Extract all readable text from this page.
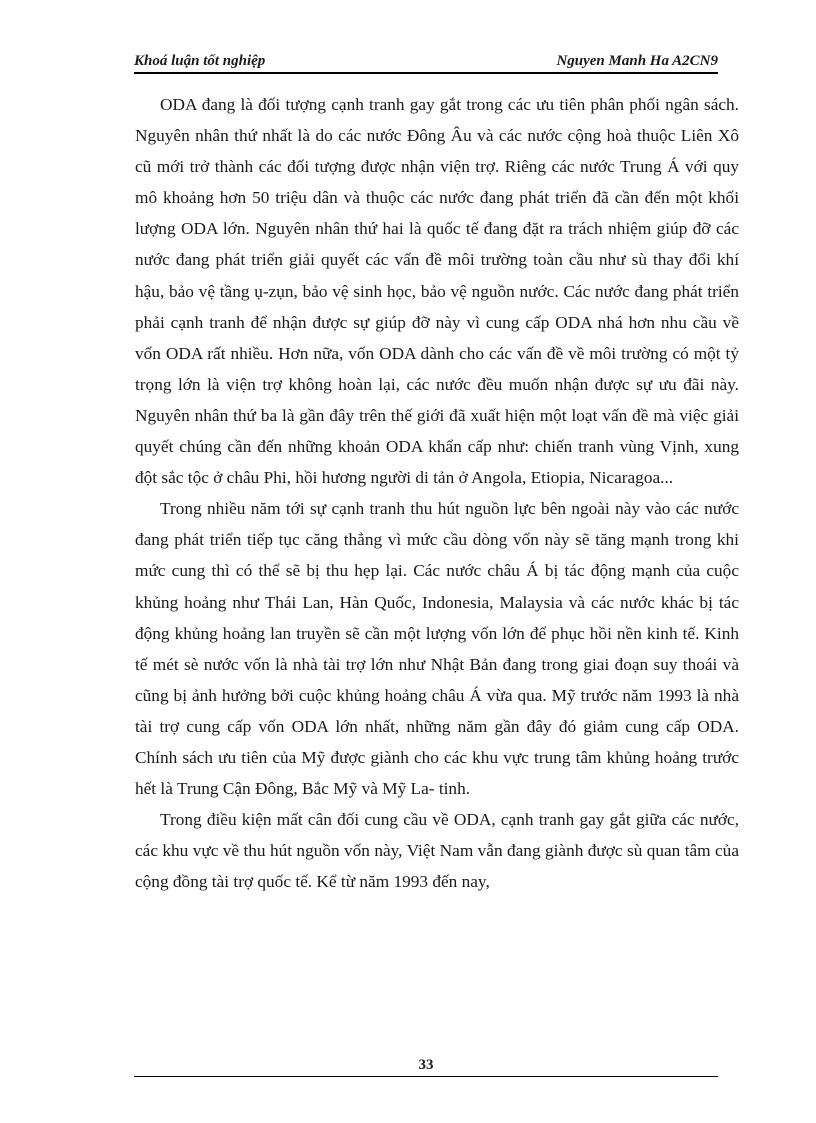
Khoá luận tốt nghiệp	Nguyen Manh Ha A2CN9

ODA đang là đối tượng cạnh tranh gay gắt trong các ưu tiên phân phối ngân sách. Nguyên nhân thứ nhất là do các nước Đông Âu và các nước cộng hoà thuộc Liên Xô cũ mới trở thành các đối tượng được nhận viện trợ. Riêng các nước Trung Á với quy mô khoảng hơn 50 triệu dân và thuộc các nước đang phát triển đã cần đến một khối lượng ODA lớn. Nguyên nhân thứ hai là quốc tế đang đặt ra trách nhiệm giúp đỡ các nước đang phát triển giải quyết các vấn đề môi trường toàn cầu như sù thay đổi khí hậu, bảo vệ tầng ụ-zụn, bảo vệ sinh học, bảo vệ nguồn nước. Các nước đang phát triển phải cạnh tranh để nhận được sự giúp đỡ này vì cung cấp ODA nhá hơn nhu cầu về vốn ODA rất nhiều. Hơn nữa, vốn ODA dành cho các vấn đề về môi trường có một tỷ trọng lớn là viện trợ không hoàn lại, các nước đều muốn nhận được sự ưu đãi này. Nguyên nhân thứ ba là gần đây trên thế giới đã xuất hiện một loạt vấn đề mà việc giải quyết chúng cần đến những khoản ODA khẩn cấp như: chiến tranh vùng Vịnh, xung đột sắc tộc ở châu Phi, hồi hương người di tản ở Angola, Etiopia, Nicaragoa...

Trong nhiều năm tới sự cạnh tranh thu hút nguồn lực bên ngoài này vào các nước đang phát triển tiếp tục căng thẳng vì mức cầu dòng vốn này sẽ tăng mạnh trong khi mức cung thì có thể sẽ bị thu hẹp lại. Các nước châu Á bị tác động mạnh của cuộc khủng hoảng như Thái Lan, Hàn Quốc, Indonesia, Malaysia và các nước khác bị tác động khủng hoảng lan truyền sẽ cần một lượng vốn lớn để phục hồi nền kinh tế. Kinh tế mét sè nước vốn là nhà tài trợ lớn như Nhật Bản đang trong giai đoạn suy thoái và cũng bị ảnh hưởng bởi cuộc khủng hoảng châu Á vừa qua. Mỹ trước năm 1993 là nhà tài trợ cung cấp vốn ODA lớn nhất, những năm gần đây đó giảm cung cấp ODA. Chính sách ưu tiên của Mỹ được giành cho các khu vực trung tâm khủng hoảng trước hết là Trung Cận Đông, Bắc Mỹ và Mỹ La- tinh.

Trong điều kiện mất cân đối cung cầu về ODA, cạnh tranh gay gắt giữa các nước, các khu vực về thu hút nguồn vốn này, Việt Nam vẫn đang giành được sù quan tâm của cộng đồng tài trợ quốc tế. Kể từ năm 1993 đến nay,

33
